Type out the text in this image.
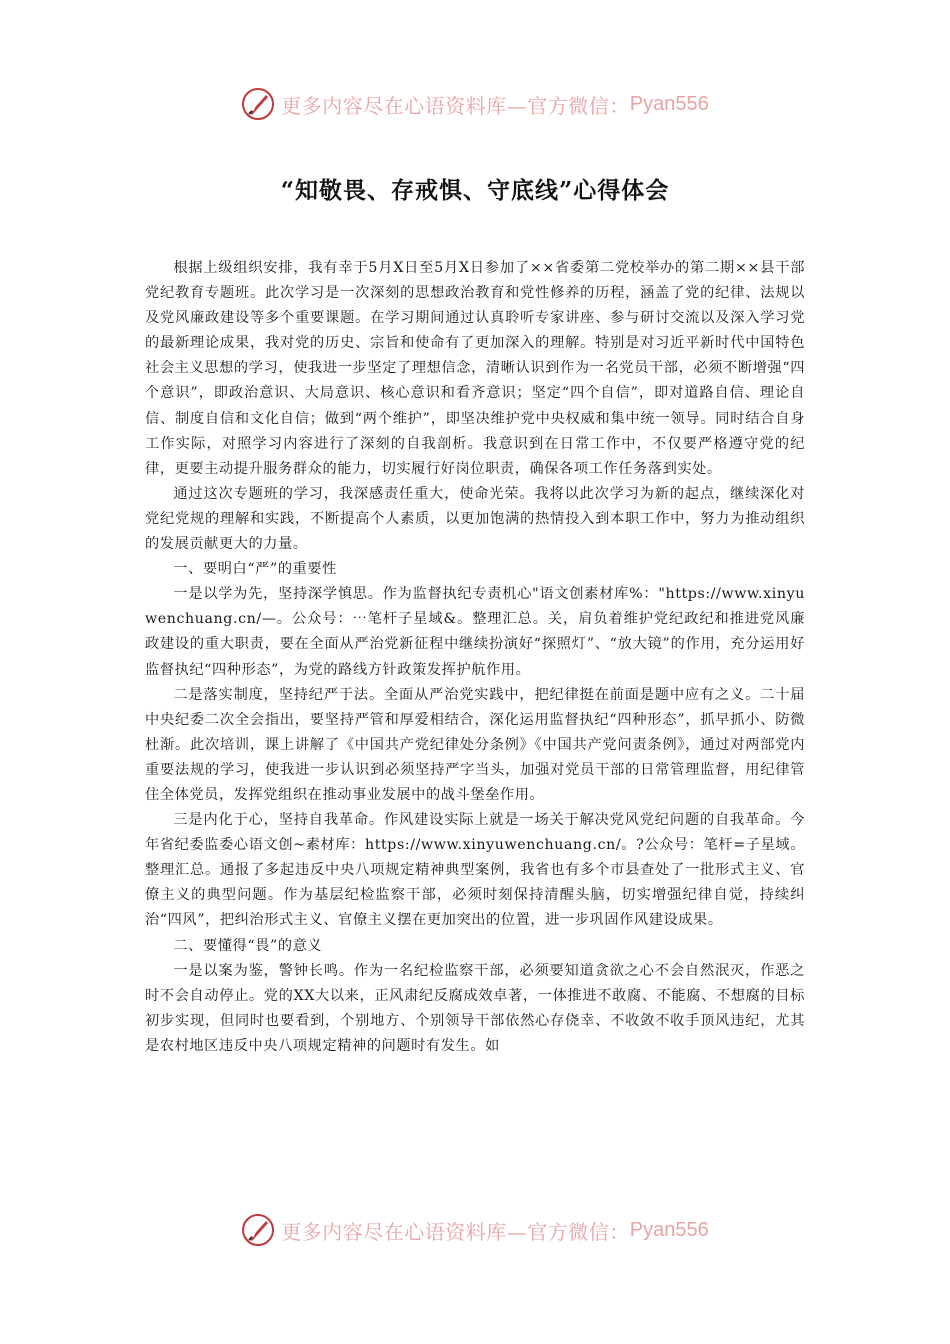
更多内容尽在心语资料库—官方微信： Pyan556
“知敬畏、存戒惧、守底线”心得体会

根据上级组织安排，我有幸于5月X日至5月X日参加了××省委第二党校举办的第二期××县干部党纪教育专题班。此次学习是一次深刻的思想政治教育和党性修养的历程，涵盖了党的纪律、法规以及党风廉政建设等多个重要课题。在学习期间通过认真聆听专家讲座、参与研讨交流以及深入学习党的最新理论成果，我对党的历史、宗旨和使命有了更加深入的理解。特别是对习近平新时代中国特色社会主义思想的学习，使我进一步坚定了理想信念，清晰认识到作为一名党员干部，必须不断增强“四个意识”，即政治意识、大局意识、核心意识和看齐意识；坚定“四个自信”，即对道路自信、理论自信、制度自信和文化自信；做到“两个维护”，即坚决维护党中央权威和集中统一领导。同时结合自身工作实际，对照学习内容进行了深刻的自我剖析。我意识到在日常工作中，不仅要严格遵守党的纪律，更要主动提升服务群众的能力，切实履行好岗位职责，确保各项工作任务落到实处。

通过这次专题班的学习，我深感责任重大，使命光荣。我将以此次学习为新的起点，继续深化对党纪党规的理解和实践，不断提高个人素质，以更加饱满的热情投入到本职工作中，努力为推动组织的发展贡献更大的力量。

一、要明白“严”的重要性

一是以学为先，坚持深学慎思。作为监督执纪专责机心"语文创素材库%："https://www.xinyuwenchuang.cn/—。公众号：⋯笔杆子星域&。整理汇总。关，肩负着维护党纪政纪和推进党风廉政建设的重大职责，要在全面从严治党新征程中继续扮演好“探照灯”、“放大镜”的作用，充分运用好监督执纪“四种形态”，为党的路线方针政策发挥护航作用。

二是落实制度，坚持纪严于法。全面从严治党实践中，把纪律挺在前面是题中应有之义。二十届中央纪委二次全会指出，要坚持严管和厚爱相结合，深化运用监督执纪“四种形态”，抓早抓小、防微杜渐。此次培训，课上讲解了《中国共产党纪律处分条例》《中国共产党问责条例》，通过对两部党内重要法规的学习，使我进一步认识到必须坚持严字当头，加强对党员干部的日常管理监督，用纪律管住全体党员，发挥党组织在推动事业发展中的战斗堡垒作用。

三是内化于心，坚持自我革命。作风建设实际上就是一场关于解决党风党纪问题的自我革命。今年省纪委监委心语文创~素材库：https://www.xinyuwenchuang.cn/。?公众号：笔杆=子星域。整理汇总。通报了多起违反中央八项规定精神典型案例，我省也有多个市县查处了一批形式主义、官僚主义的典型问题。作为基层纪检监察干部，必须时刻保持清醒头脑，切实增强纪律自觉，持续纠治“四风”，把纠治形式主义、官僚主义摆在更加突出的位置，进一步巩固作风建设成果。

二、要懂得“畏”的意义

一是以案为鉴，警钟长鸣。作为一名纪检监察干部，必须要知道贪欲之心不会自然泯灭，作恶之时不会自动停止。党的XX大以来，正风肃纪反腐成效卓著，一体推进不敢腐、不能腐、不想腐的目标初步实现，但同时也要看到，个别地方、个别领导干部依然心存侥幸、不收敛不收手顶风违纪，尤其是农村地区违反中央八项规定精神的问题时有发生。如

更多内容尽在心语资料库—官方微信： Pyan556
